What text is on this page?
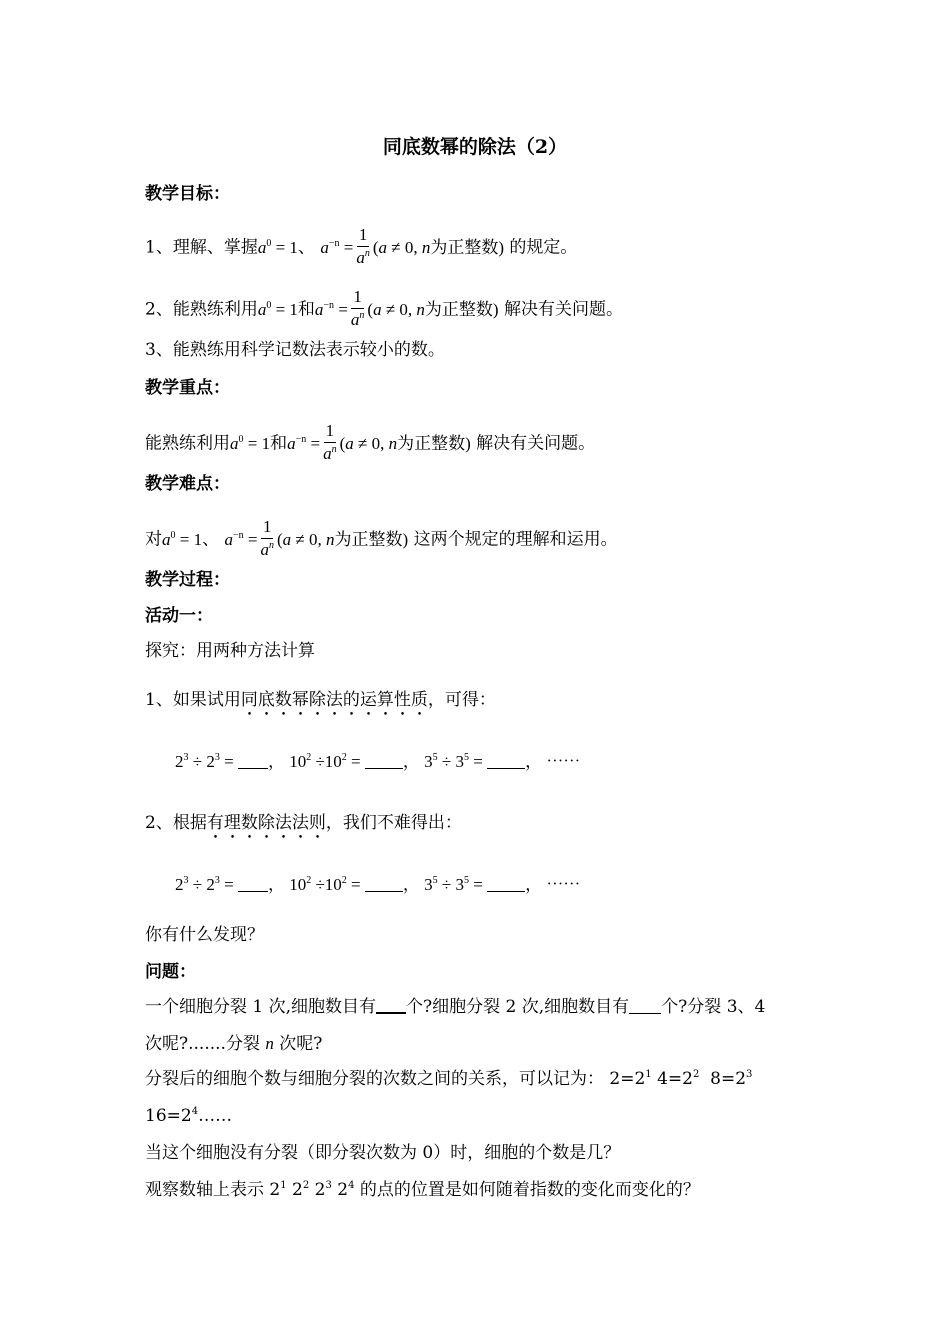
同底数幂的除法（2）
教学目标：
1、理解、掌握$a^0 = 1$、 $a^{-n} = \frac{1}{a^n} (a \ne 0$, n为正整数) 的规定。
2、能熟练利用$a^0 = 1$和$a^{-n} = \frac{1}{a^n} (a \ne 0$, n为正整数) 解决有关问题。
3、能熟练用科学记数法表示较小的数。
教学重点：
能熟练利用$a^0 = 1$和$a^{-n} = \frac{1}{a^n} (a \ne 0$, n为正整数) 解决有关问题。
教学难点：
对$a^0 = 1$、 $a^{-n} = \frac{1}{a^n} (a \ne 0$, n为正整数) 这两个规定的理解和运用。
教学过程：
活动一：
探究：用两种方法计算
1、如果试用同底数幂除法的运算性质，可得：
$2^3 \div 2^3$ = ， $10^2 \div 10^2$ = ， $3^5 \div 3^5$ = ， ⋯⋯
2、根据有理数除法法则，我们不难得出：
$2^3 \div 2^3$ = ， $10^2 \div 10^2$ = ， $3^5 \div 3^5$ = ， ⋯⋯
你有什么发现？
问题：
一个细胞分裂 1 次,细胞数目有 个?细胞分裂 2 次,细胞数目有 个?分裂 3、4
次呢?.......分裂 n 次呢?
分裂后的细胞个数与细胞分裂的次数之间的关系，可以记为： $2=2^1$ $4=2^2$ $8=2^3$
$16=2^4\dots\dots$
当这个细胞没有分裂（即分裂次数为 0）时，细胞的个数是几？
观察数轴上表示 $2^1$ $2^2$ $2^3$ $2^4$ 的点的位置是如何随着指数的变化而变化的？
